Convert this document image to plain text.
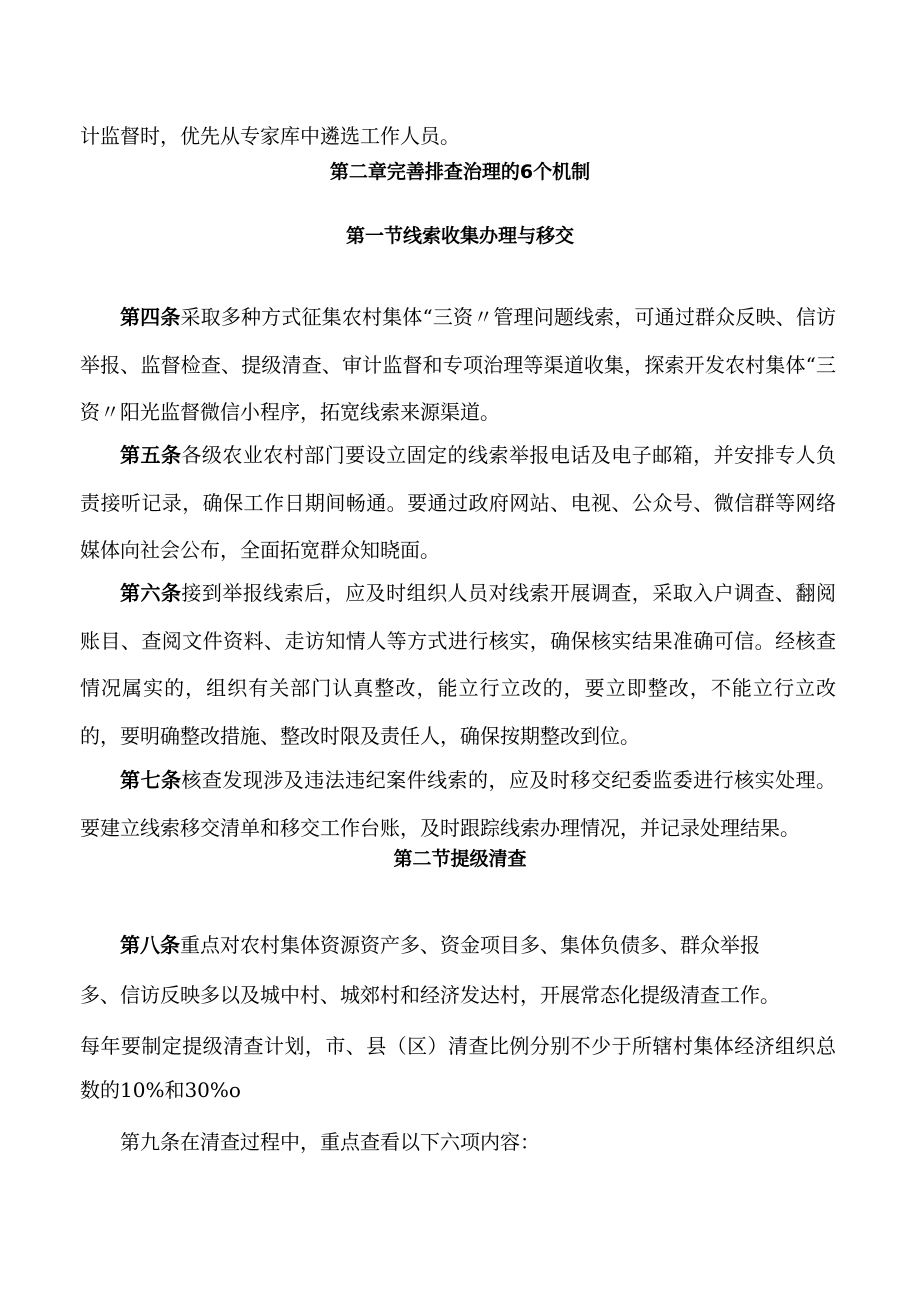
计监督时，优先从专家库中遴选工作人员。
第二章完善排查治理的6个机制
第一节线索收集办理与移交
第四条采取多种方式征集农村集体“三资〃管理问题线索，可通过群众反映、信访举报、监督检查、提级清查、审计监督和专项治理等渠道收集，探索开发农村集体“三资〃阳光监督微信小程序，拓宽线索来源渠道。
第五条各级农业农村部门要设立固定的线索举报电话及电子邮箱，并安排专人负责接听记录，确保工作日期间畅通。要通过政府网站、电视、公众号、微信群等网络媒体向社会公布，全面拓宽群众知晓面。
第六条接到举报线索后，应及时组织人员对线索开展调查，采取入户调查、翻阅账目、查阅文件资料、走访知情人等方式进行核实，确保核实结果准确可信。经核查情况属实的，组织有关部门认真整改，能立行立改的，要立即整改，不能立行立改的，要明确整改措施、整改时限及责任人，确保按期整改到位。
第七条核查发现涉及违法违纪案件线索的，应及时移交纪委监委进行核实处理。要建立线索移交清单和移交工作台账，及时跟踪线索办理情况，并记录处理结果。
第二节提级清查
第八条重点对农村集体资源资产多、资金项目多、集体负债多、群众举报
多、信访反映多以及城中村、城郊村和经济发达村，开展常态化提级清查工作。
每年要制定提级清查计划，市、县（区）清查比例分别不少于所辖村集体经济组织总数的10%和30%o
第九条在清查过程中，重点查看以下六项内容：
